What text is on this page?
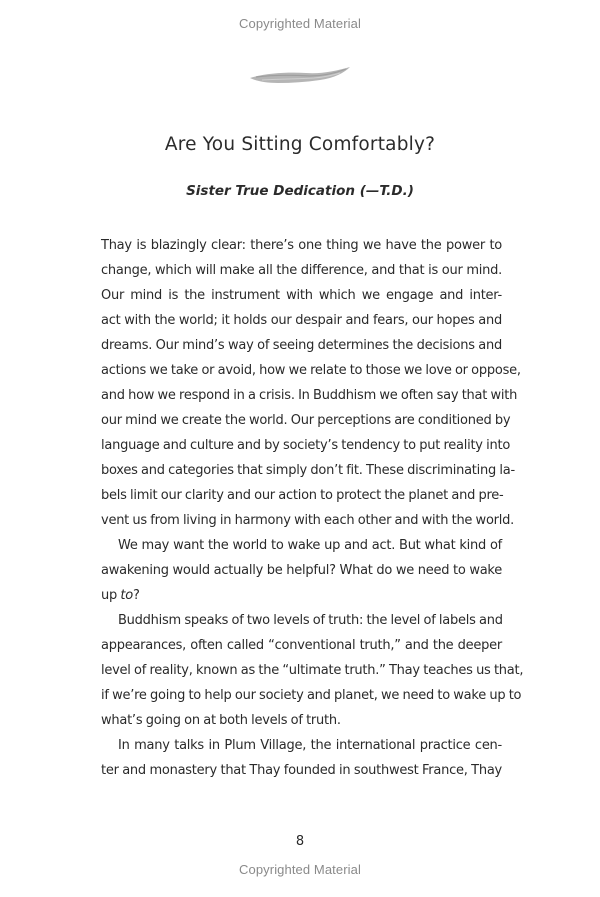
Copyrighted Material
Are You Sitting Comfortably?
Sister True Dedication (—T.D.)
Thay is blazingly clear: there’s one thing we have the power to
change, which will make all the difference, and that is our mind.
Our mind is the instrument with which we engage and inter-
act with the world; it holds our despair and fears, our hopes and
dreams. Our mind’s way of seeing determines the decisions and
actions we take or avoid, how we relate to those we love or oppose,
and how we respond in a crisis. In Buddhism we often say that with
our mind we create the world. Our perceptions are conditioned by
language and culture and by society’s tendency to put reality into
boxes and categories that simply don’t fit. These discriminating la-
bels limit our clarity and our action to protect the planet and pre-
vent us from living in harmony with each other and with the world.
We may want the world to wake up and act. But what kind of
awakening would actually be helpful? What do we need to wake
up to?
Buddhism speaks of two levels of truth: the level of labels and
appearances, often called “conventional truth,” and the deeper
level of reality, known as the “ultimate truth.” Thay teaches us that,
if we’re going to help our society and planet, we need to wake up to
what’s going on at both levels of truth.
In many talks in Plum Village, the international practice cen-
ter and monastery that Thay founded in southwest France, Thay
8
Copyrighted Material
